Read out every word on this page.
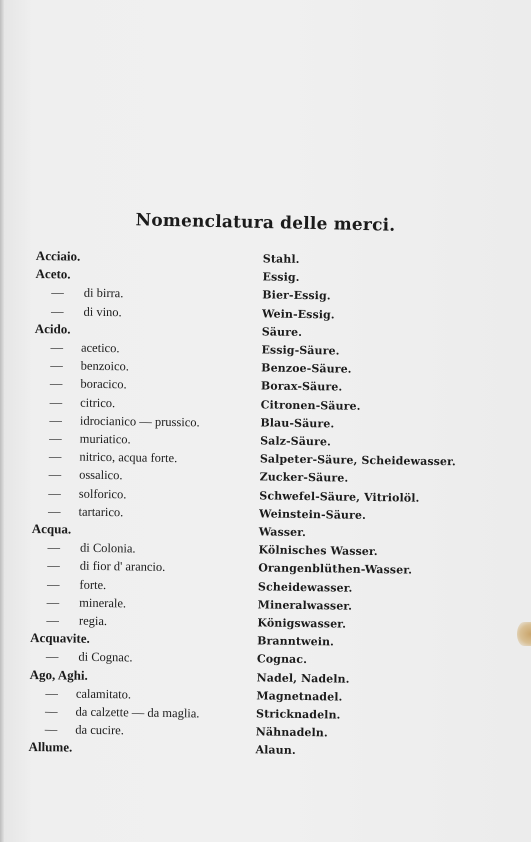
Nomenclatura delle merci.
Acciaio.	Stahl.
Aceto.	Essig.
— di birra.	Bier-Essig.
— di vino.	Wein-Essig.
Acido.	Säure.
— acetico.	Essig-Säure.
— benzoico.	Benzoe-Säure.
— boracico.	Borax-Säure.
— citrico.	Citronen-Säure.
— idrocianico — prussico.	Blau-Säure.
— muriatico.	Salz-Säure.
— nitrico, acqua forte.	Salpeter-Säure, Scheidewasser.
— ossalico.	Zucker-Säure.
— solforico.	Schwefel-Säure, Vitriolöl.
— tartarico.	Weinstein-Säure.
Acqua.	Wasser.
— di Colonia.	Kölnisches Wasser.
— di fior d' arancio.	Orangenblüthen-Wasser.
— forte.	Scheidewasser.
— minerale.	Mineralwasser.
— regia.	Königswasser.
Acquavite.	Branntwein.
— di Cognac.	Cognac.
Ago, Aghi.	Nadel, Nadeln.
— calamitato.	Magnetnadel.
— da calzette — da maglia.	Stricknadeln.
— da cucire.	Nähnadeln.
Allume.	Alaun.
